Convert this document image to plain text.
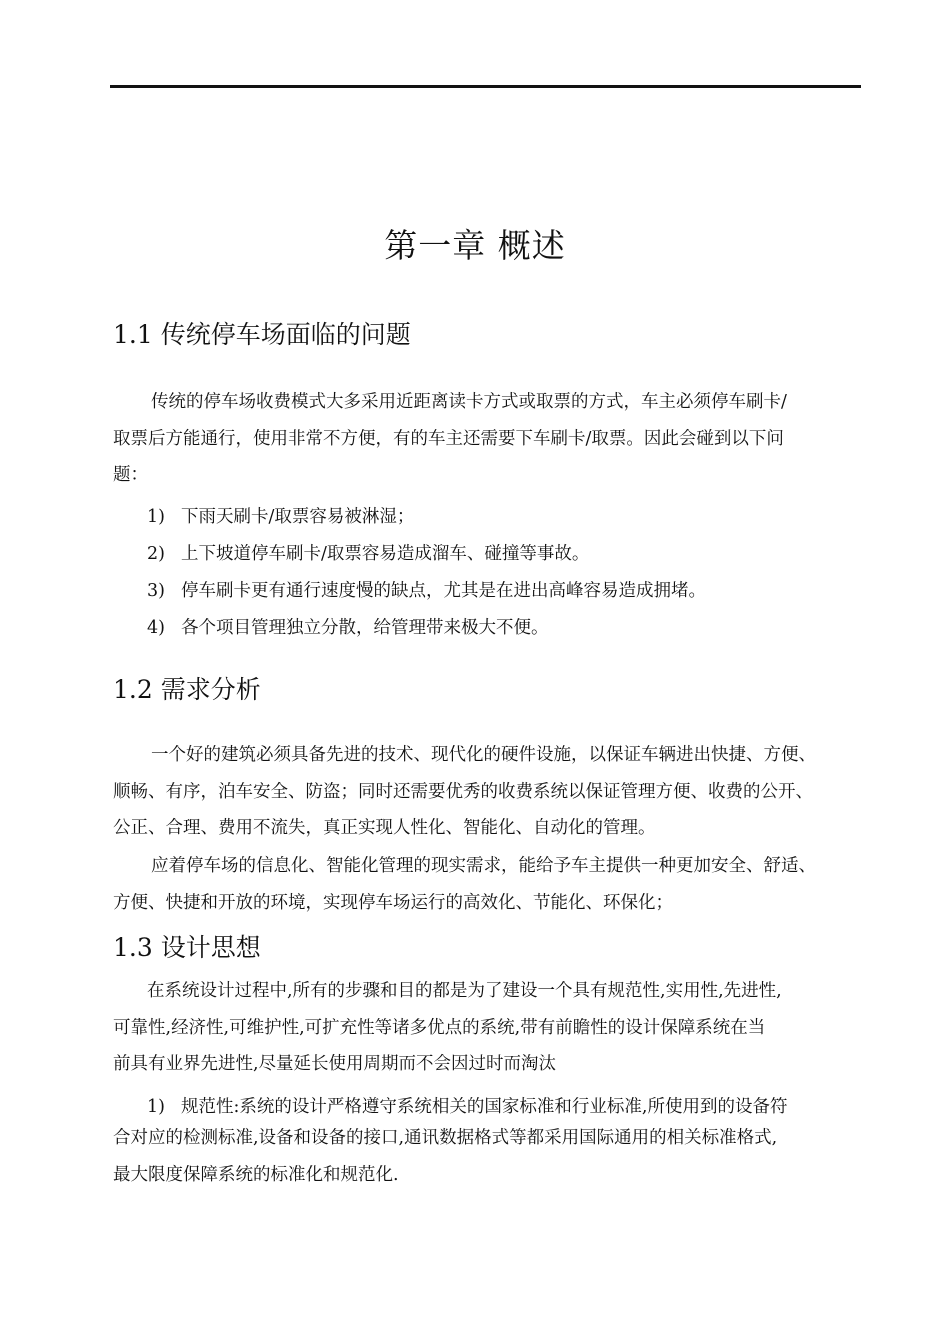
第一章 概述
1.1 传统停车场面临的问题
传统的停车场收费模式大多采用近距离读卡方式或取票的方式，车主必须停车刷卡/
取票后方能通行，使用非常不方便，有的车主还需要下车刷卡/取票。因此会碰到以下问
题：
1) 下雨天刷卡/取票容易被淋湿；
2) 上下坡道停车刷卡/取票容易造成溜车、碰撞等事故。
3) 停车刷卡更有通行速度慢的缺点，尤其是在进出高峰容易造成拥堵。
4) 各个项目管理独立分散，给管理带来极大不便。
1.2 需求分析
一个好的建筑必须具备先进的技术、现代化的硬件设施，以保证车辆进出快捷、方便、
顺畅、有序，泊车安全、防盗；同时还需要优秀的收费系统以保证管理方便、收费的公开、
公正、合理、费用不流失，真正实现人性化、智能化、自动化的管理。
应着停车场的信息化、智能化管理的现实需求，能给予车主提供一种更加安全、舒适、
方便、快捷和开放的环境，实现停车场运行的高效化、节能化、环保化；
1.3 设计思想
在系统设计过程中,所有的步骤和目的都是为了建设一个具有规范性,实用性,先进性,
可靠性,经济性,可维护性,可扩充性等诸多优点的系统,带有前瞻性的设计保障系统在当
前具有业界先进性,尽量延长使用周期而不会因过时而淘汰
1) 规范性:系统的设计严格遵守系统相关的国家标准和行业标准,所使用到的设备符
合对应的检测标准,设备和设备的接口,通讯数据格式等都采用国际通用的相关标准格式,
最大限度保障系统的标准化和规范化.
